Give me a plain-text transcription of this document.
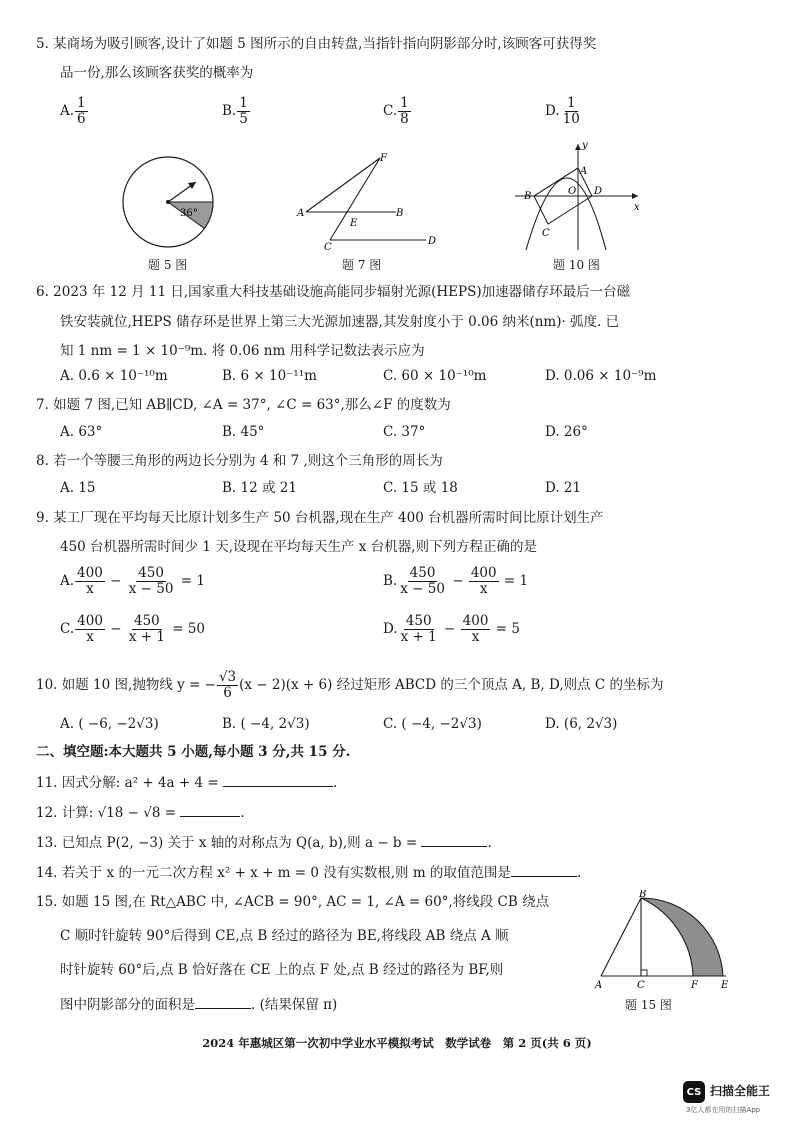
5. 某商场为吸引顾客,设计了如题 5 图所示的自由转盘,当指针指向阴影部分时,该顾客可获得奖
品一份,那么该顾客获奖的概率为
A. $\frac{1}{6}$	B. $\frac{1}{5}$	C. $\frac{1}{8}$	D. $\frac{1}{10}$
36°
题 5 图
F
A
E
B
C
D
题 7 图
y
A
B	O D
x
C
题 10 图
6. 2023 年 12 月 11 日,国家重大科技基础设施高能同步辐射光源(HEPS)加速器储存环最后一台磁
铁安装就位,HEPS 储存环是世界上第三大光源加速器,其发射度小于 0.06 纳米(nm)· 弧度. 已
知 1 nm = 1 × 10⁻⁹m. 将 0.06 nm 用科学记数法表示应为
A. 0.6 × 10⁻¹⁰m	B. 6 × 10⁻¹¹m	C. 60 × 10⁻¹⁰m	D. 0.06 × 10⁻⁹m
7. 如题 7 图,已知 AB∥CD, ∠A = 37°, ∠C = 63°,那么∠F 的度数为
A. 63°	B. 45°	C. 37°	D. 26°
8. 若一个等腰三角形的两边长分别为 4 和 7 ,则这个三角形的周长为
A. 15	B. 12 或 21	C. 15 或 18	D. 21
9. 某工厂现在平均每天比原计划多生产 50 台机器,现在生产 400 台机器所需时间比原计划生产
450 台机器所需时间少 1 天,设现在平均每天生产 x 台机器,则下列方程正确的是
A. $\frac{400}{x} - \frac{450}{x - 50} = 1$	B. $\frac{450}{x - 50} - \frac{400}{x} = 1$
C. $\frac{400}{x} - \frac{450}{x + 1} = 50$	D. $\frac{450}{x + 1} - \frac{400}{x} = 5$
10. 如题 10 图,抛物线 y = − $\frac{√3}{6} (x - 2)(x + 6)$ 经过矩形 ABCD 的三个顶点 A, B, D,则点 C 的坐标为
A. ( −6, −2√3)	B. ( −4, 2√3)	C. ( −4, −2√3)	D. (6, 2√3)
二、填空题:本大题共 5 小题,每小题 3 分,共 15 分.
11. 因式分解: a² + 4a + 4 =	.
12. 计算: √18 − √8 =	.
13. 已知点 P(2, −3) 关于 x 轴的对称点为 Q(a, b),则 a − b =	.
14. 若关于 x 的一元二次方程 x² + x + m = 0 没有实数根,则 m 的取值范围是	.
15. 如题 15 图,在 Rt△ABC 中, ∠ACB = 90°, AC = 1, ∠A = 60°,将线段 CB 绕点
C 顺时针旋转 90°后得到 CE,点 B 经过的路径为 BE,将线段 AB 绕点 A 顺
时针旋转 60°后,点 B 恰好落在 CE 上的点 F 处,点 B 经过的路径为 BF,则
图中阴影部分的面积是	. (结果保留 π)
B
A	C	F E
题 15 图
2024 年惠城区第一次初中学业水平模拟考试　数学试卷　第 2 页(共 6 页)
CS 扫描全能王
3亿人都在用的扫描App
